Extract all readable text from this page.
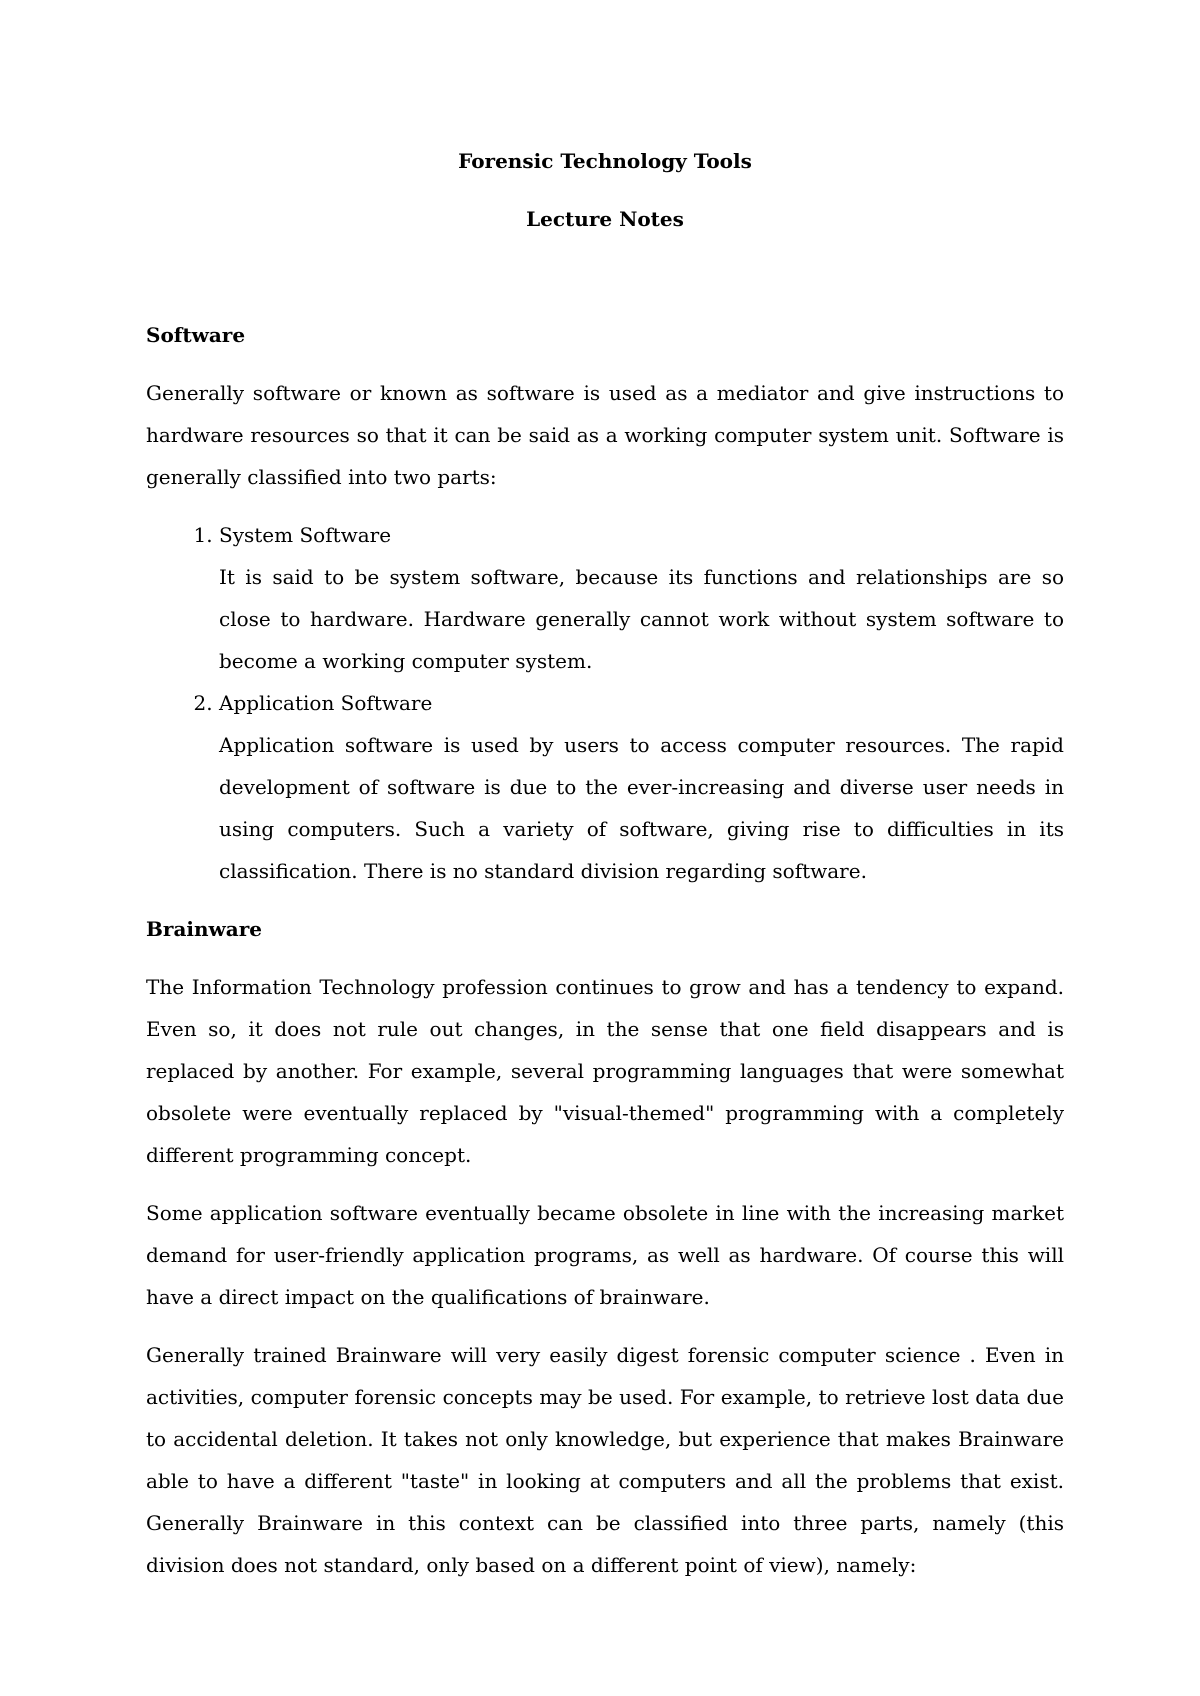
Forensic Technology Tools
Lecture Notes
Software

Generally software or known as software is used as a mediator and give instructions to hardware resources so that it can be said as a working computer system unit. Software is generally classified into two parts:

1. System Software
It is said to be system software, because its functions and relationships are so close to hardware. Hardware generally cannot work without system software to become a working computer system.
2. Application Software
Application software is used by users to access computer resources. The rapid development of software is due to the ever-increasing and diverse user needs in using computers. Such a variety of software, giving rise to difficulties in its classification. There is no standard division regarding software.
Brainware

The Information Technology profession continues to grow and has a tendency to expand. Even so, it does not rule out changes, in the sense that one field disappears and is replaced by another. For example, several programming languages that were somewhat obsolete were eventually replaced by "visual-themed" programming with a completely different programming concept.

Some application software eventually became obsolete in line with the increasing market demand for user-friendly application programs, as well as hardware. Of course this will have a direct impact on the qualifications of brainware.

Generally trained Brainware will very easily digest forensic computer science . Even in activities, computer forensic concepts may be used. For example, to retrieve lost data due to accidental deletion. It takes not only knowledge, but experience that makes Brainware able to have a different "taste" in looking at computers and all the problems that exist. Generally Brainware in this context can be classified into three parts, namely (this division does not standard, only based on a different point of view), namely:
